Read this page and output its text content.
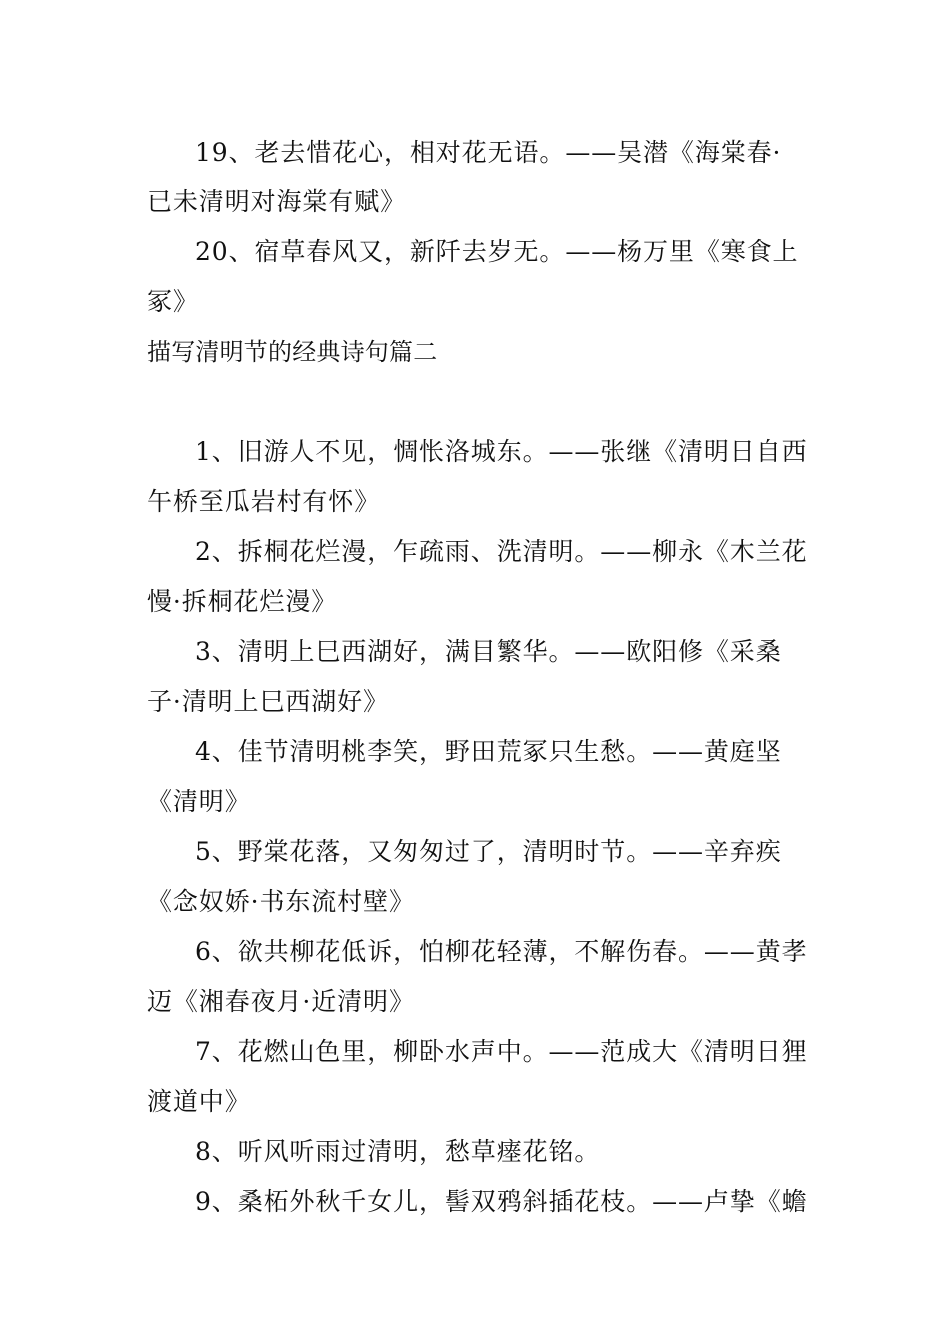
19、老去惜花心，相对花无语。——吴潜《海棠春·
已未清明对海棠有赋》
20、宿草春风又，新阡去岁无。——杨万里《寒食上
冢》
描写清明节的经典诗句篇二
1、旧游人不见，惆怅洛城东。——张继《清明日自西
午桥至瓜岩村有怀》
2、拆桐花烂漫，乍疏雨、洗清明。——柳永《木兰花
慢·拆桐花烂漫》
3、清明上巳西湖好，满目繁华。——欧阳修《采桑
子·清明上巳西湖好》
4、佳节清明桃李笑，野田荒冢只生愁。——黄庭坚
《清明》
5、野棠花落，又匆匆过了，清明时节。——辛弃疾
《念奴娇·书东流村壁》
6、欲共柳花低诉，怕柳花轻薄，不解伤春。——黄孝
迈《湘春夜月·近清明》
7、花燃山色里，柳卧水声中。——范成大《清明日狸
渡道中》
8、听风听雨过清明，愁草瘗花铭。
9、桑柘外秋千女儿，髻双鸦斜插花枝。——卢挚《蟾
